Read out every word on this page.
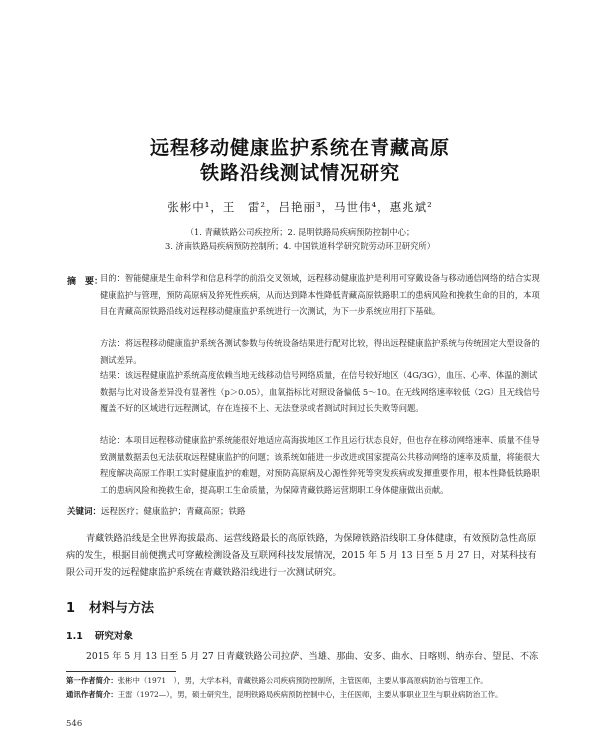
远程移动健康监护系统在青藏高原
铁路沿线测试情况研究
张彬中¹，王　雷²，吕艳丽³，马世伟⁴，惠兆斌²
（1. 青藏铁路公司疾控所；2. 昆明铁路局疾病预防控制中心；
3. 济南铁路局疾病预防控制所；4. 中国铁道科学研究院劳动环卫研究所）
摘　要：
目的：智能健康是生命科学和信息科学的前沿交叉领域，远程移动健康监护是利用可穿戴设备与移动通信网络的结合实现健康监护与管理，预防高原病及猝死性疾病，从而达到降本性降低青藏高原铁路职工的患病风险和挽救生命的目的，本项目在青藏高原铁路沿线对远程移动健康监护系统进行一次测试，为下一步系统应用打下基础。
方法：将远程移动健康监护系统各测试参数与传统设备结果进行配对比较，得出远程健康监护系统与传统固定大型设备的测试差异。
结果：该远程健康监护系统高度依赖当地无线移动信号网络质量，在信号较好地区（4G/3G），血压、心率、体温的测试数据与比对设备差异没有显著性（p＞0.05），血氧指标比对照设备偏低 5～10。在无线网络速率较低（2G）且无线信号覆盖不好的区域进行远程测试，存在连接不上、无法登录或者测试时间过长失败等问题。
结论：本项目远程移动健康监护系统能很好地适应高海拔地区工作且运行状态良好，但也存在移动网络速率、质量不佳导致测量数据丢包无法获取远程健康监护的问题；该系统如能进一步改进或国家提高公共移动网络的速率及质量，将能很大程度解决高原工作职工实时健康监护的难题，对预防高原病及心源性猝死等突发疾病或发揮重要作用，根本性降低铁路职工的患病风险和挽救生命，提高职工生命质量，为保障青藏铁路运营期职工身体健康做出贡献。
关键词：远程医疗；健康监护；青藏高原；铁路
青藏铁路沿线是全世界海拔最高、运营线路最长的高原铁路，为保障铁路沿线职工身体健康，有效预防急性高原病的发生，根据目前便携式可穿戴检测设备及互联网科技发展情况，2015 年 5 月 13 日至 5 月 27 日，对某科技有限公司开发的远程健康监护系统在青藏铁路沿线进行一次测试研究。
1 材料与方法
1.1 研究对象
2015 年 5 月 13 日至 5 月 27 日青藏铁路公司拉萨、当雄、那曲、安多、曲水、日喀则、纳赤台、望昆、不冻
第一作者简介：张彬中（1971　），男，大学本科，青藏铁路公司疾病预防控制所，主管医师，主要从事高原病防治与管理工作。
通讯作者简介：王雷（1972—），男，硕士研究生，昆明铁路局疾病预防控制中心，主任医师，主要从事职业卫生与职业病防治工作。
546
